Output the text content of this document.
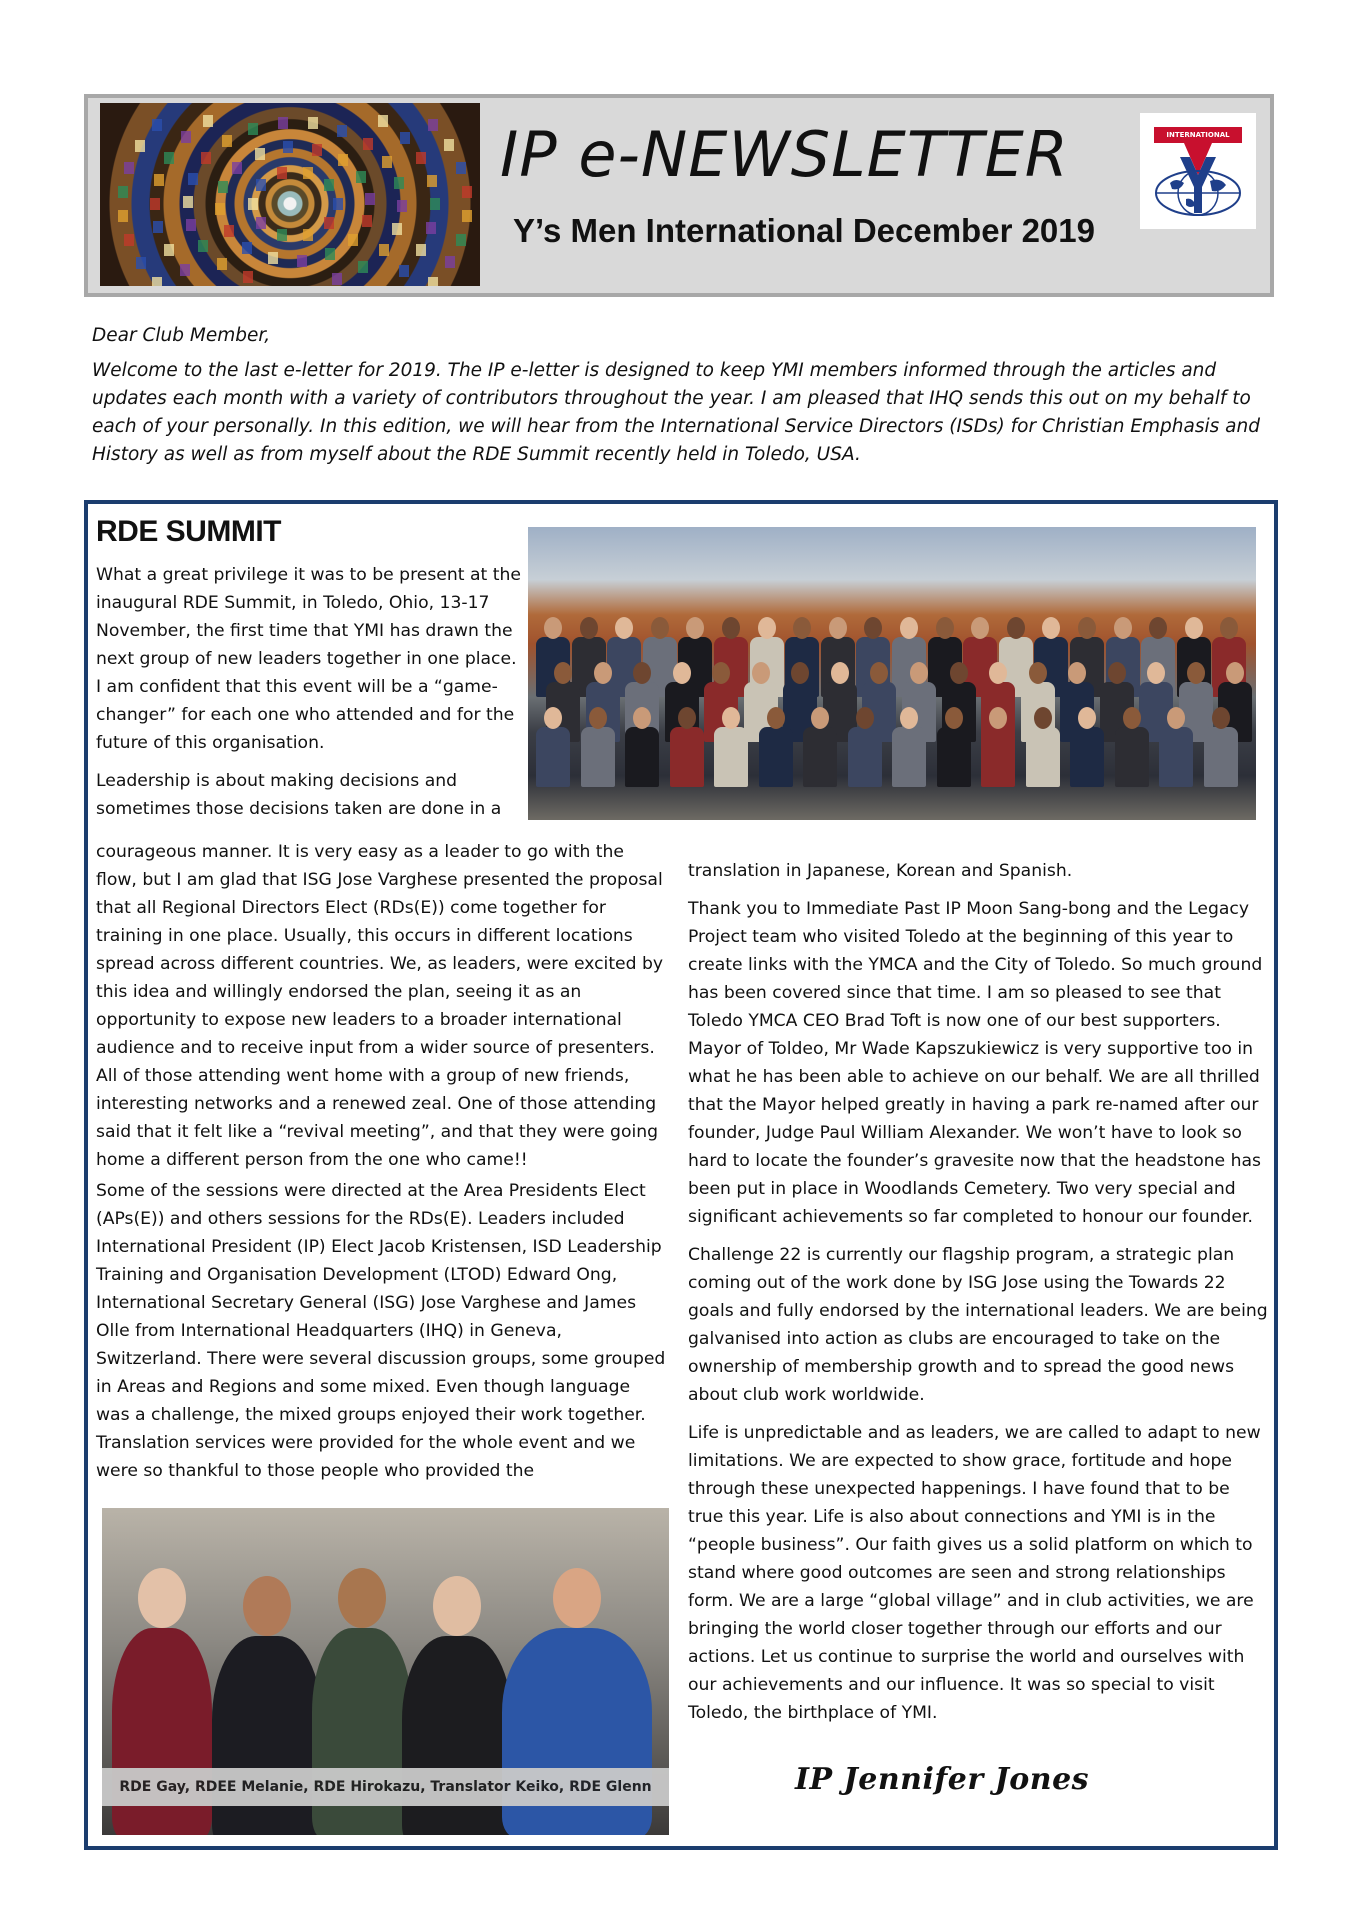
IP e-NEWSLETTER
Y’s Men International December 2019
INTERNATIONAL
Dear Club Member,
Welcome to the last e-letter for 2019. The IP e-letter is designed to keep YMI members informed through the articles and updates each month with a variety of contributors throughout the year. I am pleased that IHQ sends this out on my behalf to each of your personally. In this edition, we will hear from the International Service Directors (ISDs) for Christian Emphasis and History as well as from myself about the RDE Summit recently held in Toledo, USA.
RDE SUMMIT

What a great privilege it was to be present at the inaugural RDE Summit, in Toledo, Ohio, 13-17 November, the first time that YMI has drawn the next group of new leaders together in one place. I am confident that this event will be a “game-changer” for each one who attended and for the future of this organisation.

Leadership is about making decisions and sometimes those decisions taken are done in a

courageous manner. It is very easy as a leader to go with the flow, but I am glad that ISG Jose Varghese presented the proposal that all Regional Directors Elect (RDs(E)) come together for training in one place. Usually, this occurs in different locations spread across different countries. We, as leaders, were excited by this idea and willingly endorsed the plan, seeing it as an opportunity to expose new leaders to a broader international audience and to receive input from a wider source of presenters. All of those attending went home with a group of new friends, interesting networks and a renewed zeal. One of those attending said that it felt like a “revival meeting”, and that they were going home a different person from the one who came!!

Some of the sessions were directed at the Area Presidents Elect (APs(E)) and others sessions for the RDs(E). Leaders included International President (IP) Elect Jacob Kristensen, ISD Leadership Training and Organisation Development (LTOD) Edward Ong, International Secretary General (ISG) Jose Varghese and James Olle from International Headquarters (IHQ) in Geneva, Switzerland. There were several discussion groups, some grouped in Areas and Regions and some mixed. Even though language was a challenge, the mixed groups enjoyed their work together. Translation services were provided for the whole event and we were so thankful to those people who provided the

translation in Japanese, Korean and Spanish.

Thank you to Immediate Past IP Moon Sang-bong and the Legacy Project team who visited Toledo at the beginning of this year to create links with the YMCA and the City of Toledo. So much ground has been covered since that time. I am so pleased to see that Toledo YMCA CEO Brad Toft is now one of our best supporters. Mayor of Toldeo, Mr Wade Kapszukiewicz is very supportive too in what he has been able to achieve on our behalf. We are all thrilled that the Mayor helped greatly in having a park re-named after our founder, Judge Paul William Alexander. We won’t have to look so hard to locate the founder’s gravesite now that the headstone has been put in place in Woodlands Cemetery. Two very special and significant achievements so far completed to honour our founder.

Challenge 22 is currently our flagship program, a strategic plan coming out of the work done by ISG Jose using the Towards 22 goals and fully endorsed by the international leaders. We are being galvanised into action as clubs are encouraged to take on the ownership of membership growth and to spread the good news about club work worldwide.

Life is unpredictable and as leaders, we are called to adapt to new limitations. We are expected to show grace, fortitude and hope through these unexpected happenings. I have found that to be true this year. Life is also about connections and YMI is in the “people business”. Our faith gives us a solid platform on which to stand where good outcomes are seen and strong relationships form. We are a large “global village” and in club activities, we are bringing the world closer together through our efforts and our actions. Let us continue to surprise the world and ourselves with our achievements and our influence. It was so special to visit Toledo, the birthplace of YMI.

RDE Gay, RDEE Melanie, RDE Hirokazu, Translator Keiko, RDE Glenn	IP Jennifer Jones
